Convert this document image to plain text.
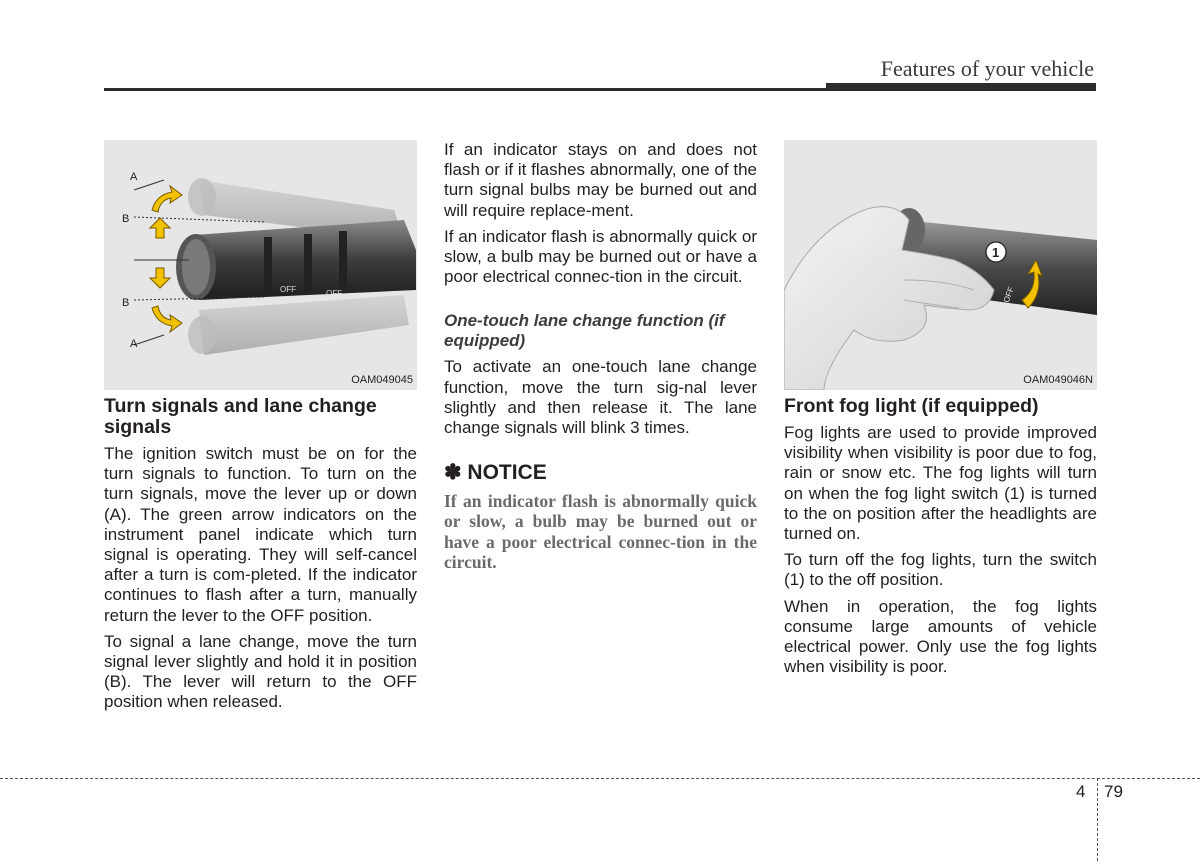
Features of your vehicle
A
B
B
A
OFF	OFF
OAM049045
Turn signals and lane change signals

The ignition switch must be on for the turn signals to function. To turn on the turn signals, move the lever up or down (A). The green arrow indicators on the instrument panel indicate which turn signal is operating. They will self-cancel after a turn is com-pleted. If the indicator continues to flash after a turn, manually return the lever to the OFF position.

To signal a lane change, move the turn signal lever slightly and hold it in position (B). The lever will return to the OFF position when released.

If an indicator stays on and does not flash or if it flashes abnormally, one of the turn signal bulbs may be burned out and will require replace-ment.

If an indicator flash is abnormally quick or slow, a bulb may be burned out or have a poor electrical connec-tion in the circuit.

One-touch lane change function (if equipped)

To activate an one-touch lane change function, move the turn sig-nal lever slightly and then release it. The lane change signals will blink 3 times.

✽ NOTICE

If an indicator flash is abnormally quick or slow, a bulb may be burned out or have a poor electrical connec-tion in the circuit.

1
OFF
OAM049046N
Front fog light (if equipped)

Fog lights are used to provide improved visibility when visibility is poor due to fog, rain or snow etc. The fog lights will turn on when the fog light switch (1) is turned to the on position after the headlights are turned on.

To turn off the fog lights, turn the switch (1) to the off position.

When in operation, the fog lights consume large amounts of vehicle electrical power. Only use the fog lights when visibility is poor.

4 79
